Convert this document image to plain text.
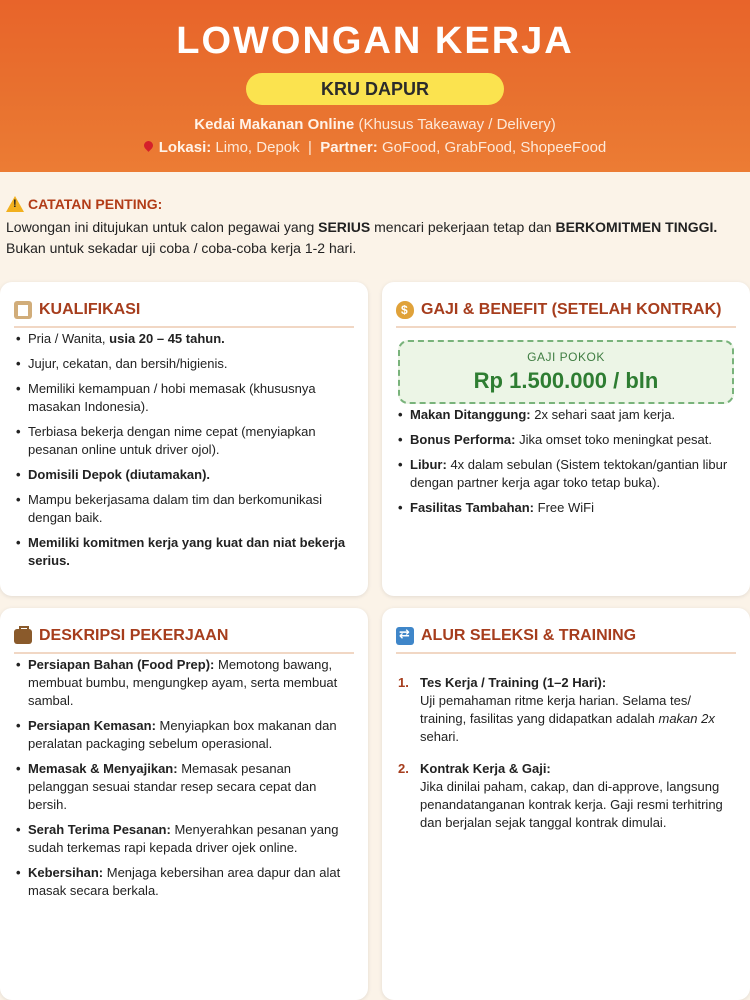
LOWONGAN KERJA
KRU DAPUR
Kedai Makanan Online (Khusus Takeaway / Delivery)
Lokasi: Limo, Depok | Partner: GoFood, GrabFood, ShopeeFood
!
CATATAN PENTING:
Lowongan ini ditujukan untuk calon pegawai yang SERIUS mencari pekerjaan tetap dan BERKOMITMEN TINGGI.
Bukan untuk sekadar uji coba / coba-coba kerja 1-2 hari.
KUALIFIKASI
• Pria / Wanita, usia 20 – 45 tahun.
• Jujur, cekatan, dan bersih/higienis.
• Memiliki kemampuan / hobi memasak (khususnya masakan Indonesia).
• Terbiasa bekerja dengan nime cepat (menyiapkan pesanan online untuk driver ojol).
• Domisili Depok (diutamakan).
• Mampu bekerjasama dalam tim dan berkomunikasi dengan baik.
• Memiliki komitmen kerja yang kuat dan niat bekerja serius.
$
GAJI & BENEFIT (SETELAH KONTRAK)
GAJI POKOK
Rp 1.500.000 / bln
• Makan Ditanggung: 2x sehari saat jam kerja.
• Bonus Performa: Jika omset toko meningkat pesat.
• Libur: 4x dalam sebulan (Sistem tektokan/gantian libur dengan partner kerja agar toko tetap buka).
• Fasilitas Tambahan: Free WiFi
DESKRIPSI PEKERJAAN
• Persiapan Bahan (Food Prep): Memotong bawang, membuat bumbu, mengungkep ayam, serta membuat sambal.
• Persiapan Kemasan: Menyiapkan box makanan dan peralatan packaging sebelum operasional.
• Memasak & Menyajikan: Memasak pesanan pelanggan sesuai standar resep secara cepat dan bersih.
• Serah Terima Pesanan: Menyerahkan pesanan yang sudah terkemas rapi kepada driver ojek online.
• Kebersihan: Menjaga kebersihan area dapur dan alat masak secara berkala.
⇄
ALUR SELEKSI & TRAINING
1. Tes Kerja / Training (1–2 Hari):
Uji pemahaman ritme kerja harian. Selama tes/ training, fasilitas yang didapatkan adalah makan 2x sehari.
2. Kontrak Kerja & Gaji:
Jika dinilai paham, cakap, dan di-approve, langsung penandatanganan kontrak kerja. Gaji resmi terhitring dan berjalan sejak tanggal kontrak dimulai.
